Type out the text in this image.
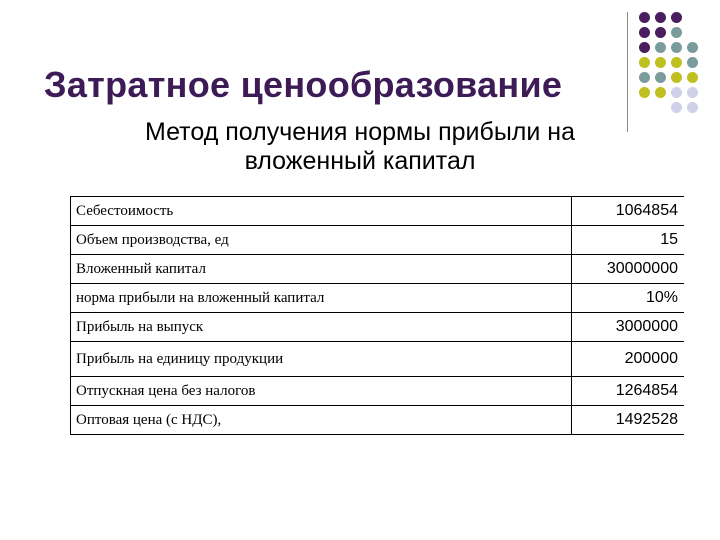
Затратное ценообразование
Метод получения нормы прибыли на
вложенный капитал
Себестоимость	1064854
Объем производства, ед	15
Вложенный капитал	30000000
норма прибыли на вложенный капитал	10%
Прибыль на выпуск	3000000
Прибыль на единицу продукции	200000
Отпускная цена без налогов	1264854
Оптовая цена (с НДС),	1492528
